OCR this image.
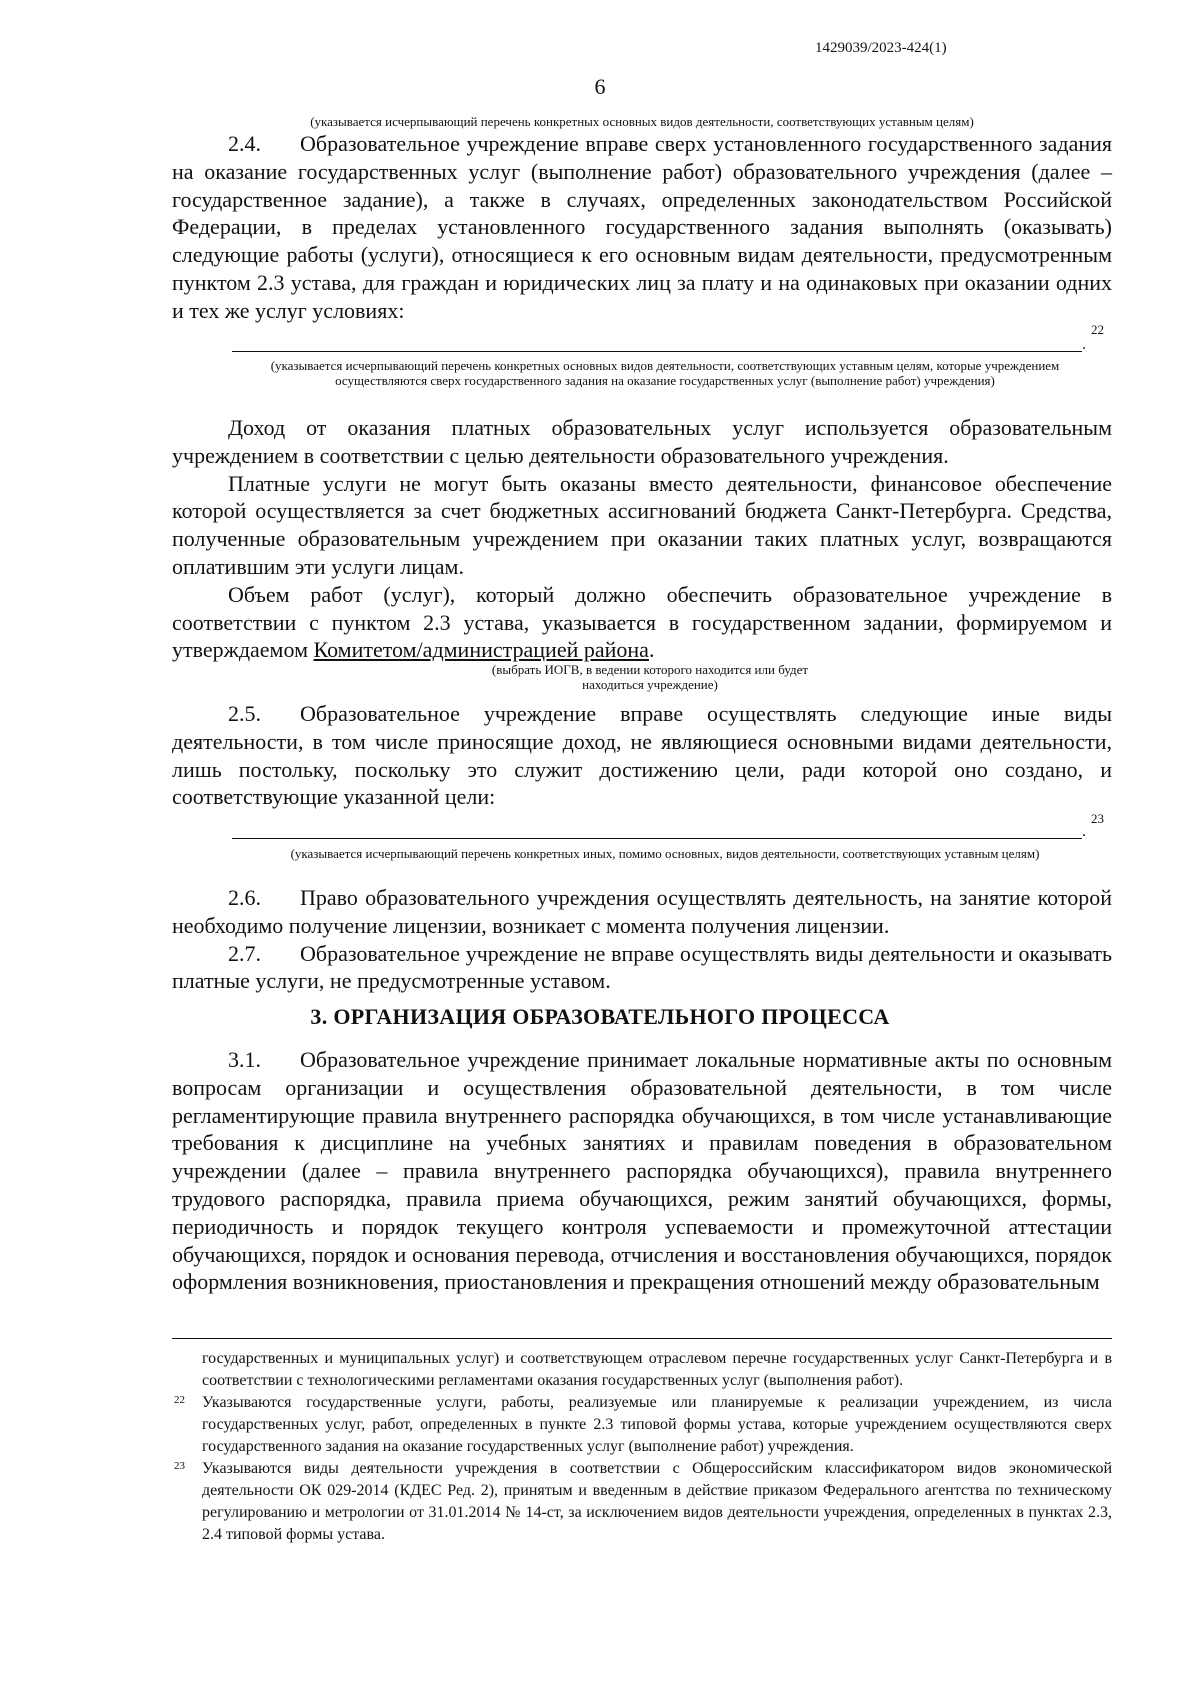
1429039/2023-424(1)
6
(указывается исчерпывающий перечень конкретных основных видов деятельности, соответствующих уставным целям)

2.4. Образовательное учреждение вправе сверх установленного государственного задания на оказание государственных услуг (выполнение работ) образовательного учреждения (далее – государственное задание), а также в случаях, определенных законодательством Российской Федерации, в пределах установленного государственного задания выполнять (оказывать) следующие работы (услуги), относящиеся к его основным видам деятельности, предусмотренным пунктом 2.3 устава, для граждан и юридических лиц за плату и на одинаковых при оказании одних и тех же услуг условиях:

22
.
(указывается исчерпывающий перечень конкретных основных видов деятельности, соответствующих уставным целям, которые учреждением осуществляются сверх государственного задания на оказание государственных услуг (выполнение работ) учреждения)

Доход от оказания платных образовательных услуг используется образовательным учреждением в соответствии с целью деятельности образовательного учреждения.

Платные услуги не могут быть оказаны вместо деятельности, финансовое обеспечение которой осуществляется за счет бюджетных ассигнований бюджета Санкт-Петербурга. Средства, полученные образовательным учреждением при оказании таких платных услуг, возвращаются оплатившим эти услуги лицам.

Объем работ (услуг), который должно обеспечить образовательное учреждение в соответствии с пунктом 2.3 устава, указывается в государственном задании, формируемом и утверждаемом Комитетом/администрацией района.

(выбрать ИОГВ, в ведении которого находится или будет находиться учреждение)

2.5. Образовательное учреждение вправе осуществлять следующие иные виды деятельности, в том числе приносящие доход, не являющиеся основными видами деятельности, лишь постольку, поскольку это служит достижению цели, ради которой оно создано, и соответствующие указанной цели:

23
.
(указывается исчерпывающий перечень конкретных иных, помимо основных, видов деятельности, соответствующих уставным целям)

2.6. Право образовательного учреждения осуществлять деятельность, на занятие которой необходимо получение лицензии, возникает с момента получения лицензии.

2.7. Образовательное учреждение не вправе осуществлять виды деятельности и оказывать платные услуги, не предусмотренные уставом.

3. ОРГАНИЗАЦИЯ ОБРАЗОВАТЕЛЬНОГО ПРОЦЕССА

3.1. Образовательное учреждение принимает локальные нормативные акты по основным вопросам организации и осуществления образовательной деятельности, в том числе регламентирующие правила внутреннего распорядка обучающихся, в том числе устанавливающие требования к дисциплине на учебных занятиях и правилам поведения в образовательном учреждении (далее – правила внутреннего распорядка обучающихся), правила внутреннего трудового распорядка, правила приема обучающихся, режим занятий обучающихся, формы, периодичность и порядок текущего контроля успеваемости и промежуточной аттестации обучающихся, порядок и основания перевода, отчисления и восстановления обучающихся, порядок оформления возникновения, приостановления и прекращения отношений между образовательным

государственных и муниципальных услуг) и соответствующем отраслевом перечне государственных услуг Санкт-Петербурга и в соответствии с технологическими регламентами оказания государственных услуг (выполнения работ).
22 Указываются государственные услуги, работы, реализуемые или планируемые к реализации учреждением, из числа государственных услуг, работ, определенных в пункте 2.3 типовой формы устава, которые учреждением осуществляются сверх государственного задания на оказание государственных услуг (выполнение работ) учреждения.
23 Указываются виды деятельности учреждения в соответствии с Общероссийским классификатором видов экономической деятельности ОК 029-2014 (КДЕС Ред. 2), принятым и введенным в действие приказом Федерального агентства по техническому регулированию и метрологии от 31.01.2014 № 14-ст, за исключением видов деятельности учреждения, определенных в пунктах 2.3, 2.4 типовой формы устава.
